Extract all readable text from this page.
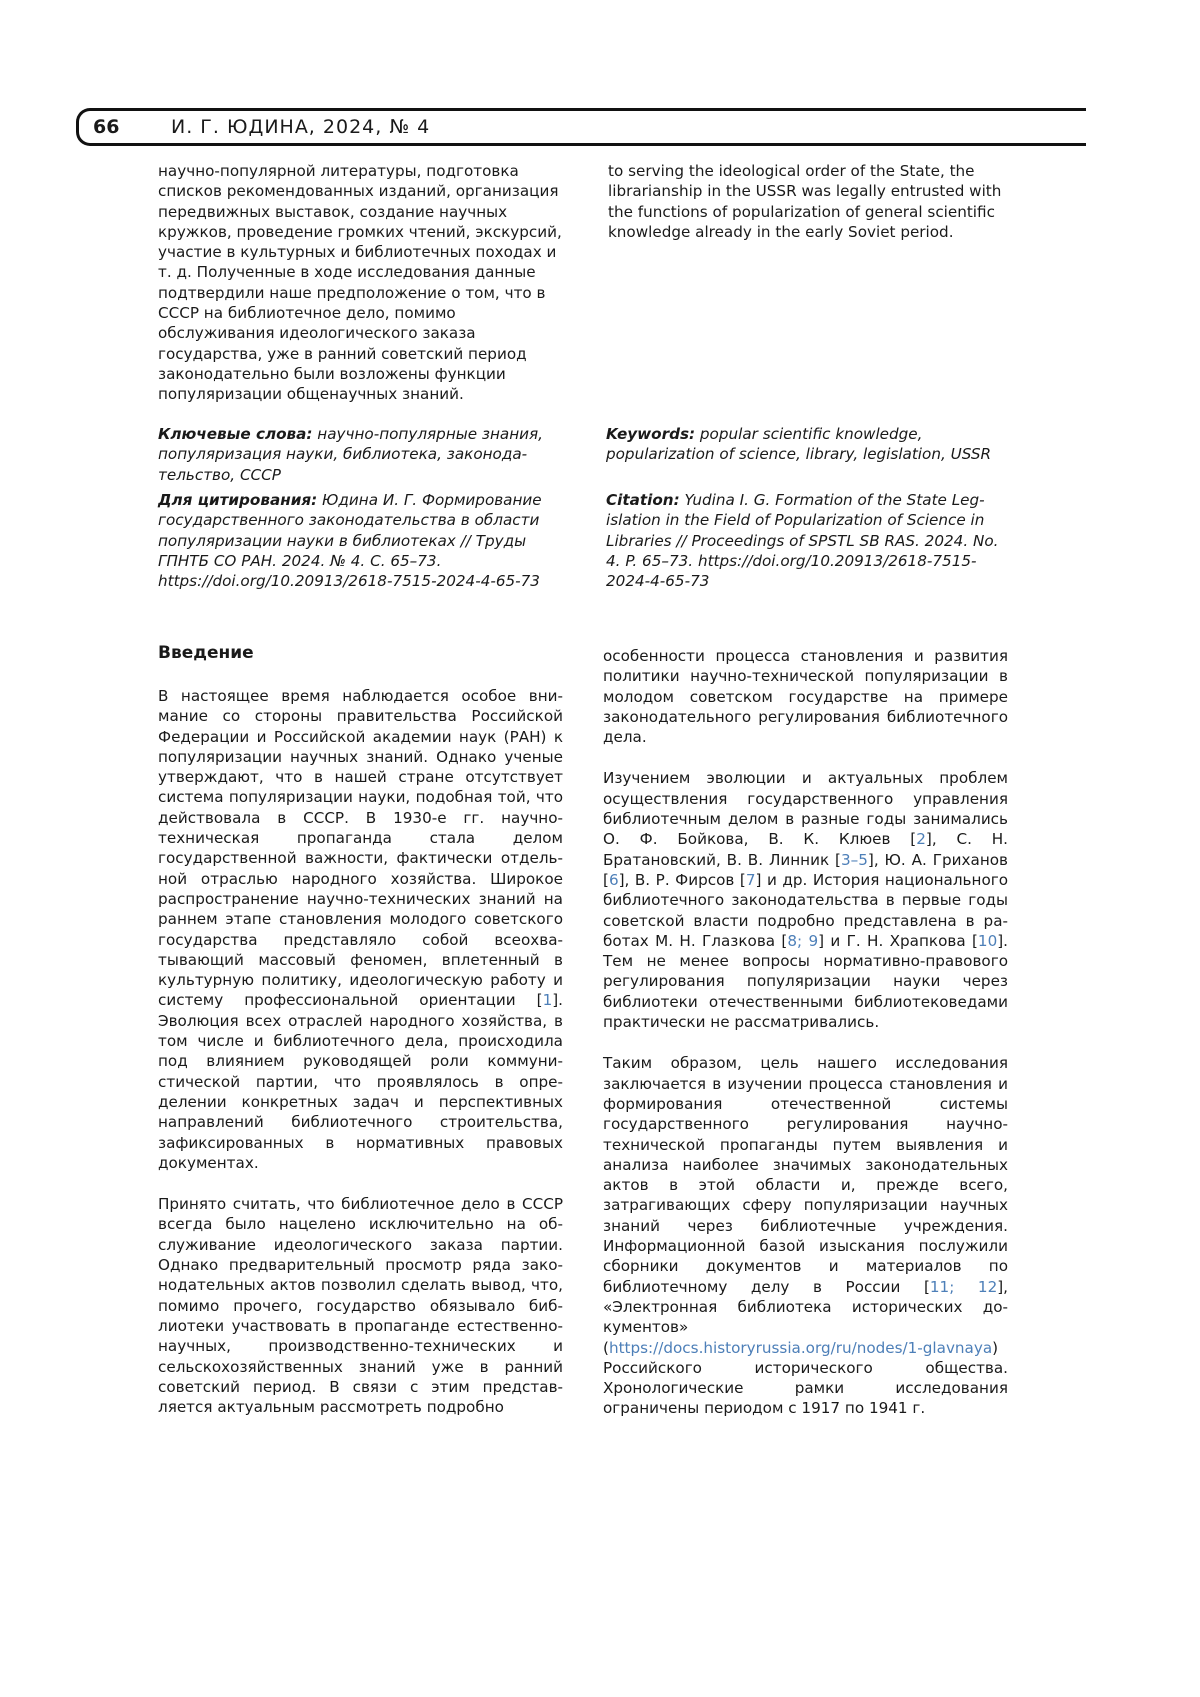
66	И. Г. ЮДИНА, 2024, № 4
научно-популярной литературы, подготовка списков рекомендованных изданий, организация передвижных выставок, создание научных кружков, проведение громких чтений, экскурсий, участие в культурных и библиотечных походах и т. д. Полученные в ходе исследования данные подтвердили наше предположение о том, что в СССР на библиотечное дело, помимо обслуживания идеологического заказа государства, уже в ранний советский период законодательно были возложены функции популяризации общенаучных знаний.
to serving the ideological order of the State, the librarianship in the USSR was legally entrusted with the functions of popularization of general scientific knowledge already in the early Soviet period.
Ключевые слова: научно-популярные знания, популяризация науки, библиотека, законода­тельство, СССР
Keywords: popular scientific knowledge, popularization of science, library, legislation, USSR
Для цитирования: Юдина И. Г. Формирование государственного законодательства в области популяризации науки в библиотеках // Труды ГПНТБ СО РАН. 2024. № 4. С. 65–73. https://doi.org/10.20913/2618-7515-2024-4-65-73
Citation: Yudina I. G. Formation of the State Leg­islation in the Field of Popularization of Science in Libraries // Proceedings of SPSTL SB RAS. 2024. No. 4. P. 65–73. https://doi.org/10.20913/2618-7515-2024-4-65-73
Введение

В настоящее время наблюдается особое вни­мание со стороны правительства Российской Федерации и Российской академии наук (РАН) к популяризации научных знаний. Однако ученые утверждают, что в нашей стране отсут­ствует система популяризации науки, подоб­ная той, что действовала в СССР. В 1930-е гг. научно-техническая пропаганда стала делом государственной важности, фактически отдель­ной отраслью народного хозяйства. Широкое распространение научно-технических знаний на раннем этапе становления молодого совет­ского государства представляло собой всеохва­тывающий массовый феномен, вплетенный в культурную политику, идеологическую работу и систему профессиональной ориентации [1]. Эволюция всех отраслей народного хозяйства, в том числе и библиотечного дела, происходила под влиянием руководящей роли коммуни­стической партии, что проявлялось в опре­делении конкретных задач и перспективных направлений библиотечного строительства, зафиксированных в нормативных правовых документах.

Принято считать, что библиотечное дело в СССР всегда было нацелено исключительно на об­служивание идеологического заказа партии. Однако предварительный просмотр ряда зако­нодательных актов позволил сделать вывод, что, помимо прочего, государство обязывало биб­лиотеки участвовать в пропаганде естествен­но-научных, производственно-технических и сельскохозяйственных знаний уже в ранний советский период. В связи с этим представ­ляется актуальным рассмотреть подробно

особенности процесса становления и развития политики научно-технической популяризации в молодом советском государстве на примере законодательного регулирования библиотеч­ного дела.

Изучением эволюции и актуальных проблем осуществления государственного управления библиотечным делом в разные годы занимались О. Ф. Бойкова, В. К. Клюев [2], С. Н. Братановский, В. В. Линник [3–5], Ю. А. Гриханов [6], В. Р. Фирсов [7] и др. История национального библиотечного законодательства в первые годы советской власти подробно представлена в ра­ботах М. Н. Глазкова [8; 9] и Г. Н. Храпкова [10]. Тем не менее вопросы нормативно-правового регулирования популяризации науки через библиотеки отечественными библиотековедами практически не рассматривались.

Таким образом, цель нашего исследова­ния заключается в изучении процесса ста­новления и формирования отечественной системы государственного регулирования научно-технической пропаганды путем выяв­ления и анализа наиболее значимых законо­дательных актов в этой области и, прежде всего, затрагивающих сферу популяризации научных знаний через библиотечные учре­ждения. Информационной базой изыскания послужили сборники документов и материа­лов по библиотечному делу в России [11; 12], «Электронная библиотека исторических до­кументов» (https://docs.historyrussia.org/ru/nodes/1-glavnaya) Российского исторического общества. Хронологические рамки исследо­вания ограничены периодом с 1917 по 1941 г.
